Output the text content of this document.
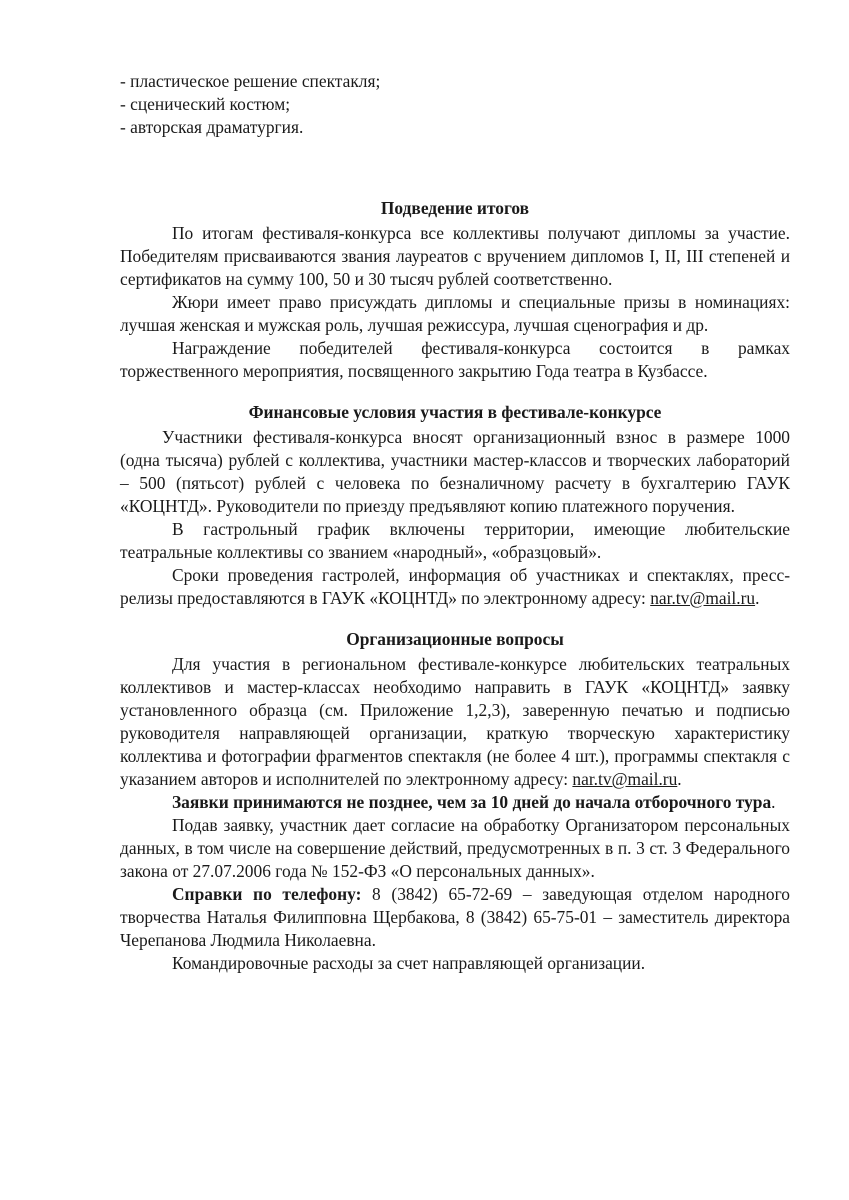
- пластическое решение спектакля;
- сценический костюм;
- авторская драматургия.
Подведение итогов

По итогам фестиваля-конкурса все коллективы получают дипломы за участие. Победителям присваиваются звания лауреатов с вручением дипломов I, II, III степеней и сертификатов на сумму 100, 50 и 30 тысяч рублей соответственно.

Жюри имеет право присуждать дипломы и специальные призы в номинациях: лучшая женская и мужская роль, лучшая режиссура, лучшая сценография и др.

Награждение победителей фестиваля-конкурса состоится в рамках торжественного мероприятия, посвященного закрытию Года театра в Кузбассе.

Финансовые условия участия в фестивале-конкурсе

Участники фестиваля-конкурса вносят организационный взнос в размере 1000 (одна тысяча) рублей с коллектива, участники мастер-классов и творческих лабораторий – 500 (пятьсот) рублей с человека по безналичному расчету в бухгалтерию ГАУК «КОЦНТД». Руководители по приезду предъявляют копию платежного поручения.

В гастрольный график включены территории, имеющие любительские театральные коллективы со званием «народный», «образцовый».

Сроки проведения гастролей, информация об участниках и спектаклях, пресс-релизы предоставляются в ГАУК «КОЦНТД» по электронному адресу: nar.tv@mail.ru.

Организационные вопросы

Для участия в региональном фестивале-конкурсе любительских театральных коллективов и мастер-классах необходимо направить в ГАУК «КОЦНТД» заявку установленного образца (см. Приложение 1,2,3), заверенную печатью и подписью руководителя направляющей организации, краткую творческую характеристику коллектива и фотографии фрагментов спектакля (не более 4 шт.), программы спектакля с указанием авторов и исполнителей по электронному адресу: nar.tv@mail.ru.

Заявки принимаются не позднее, чем за 10 дней до начала отборочного тура.

Подав заявку, участник дает согласие на обработку Организатором персональных данных, в том числе на совершение действий, предусмотренных в п. 3 ст. 3 Федерального закона от 27.07.2006 года № 152-ФЗ «О персональных данных».

Справки по телефону: 8 (3842) 65-72-69 – заведующая отделом народного творчества Наталья Филипповна Щербакова, 8 (3842) 65-75-01 – заместитель директора Черепанова Людмила Николаевна.

Командировочные расходы за счет направляющей организации.
